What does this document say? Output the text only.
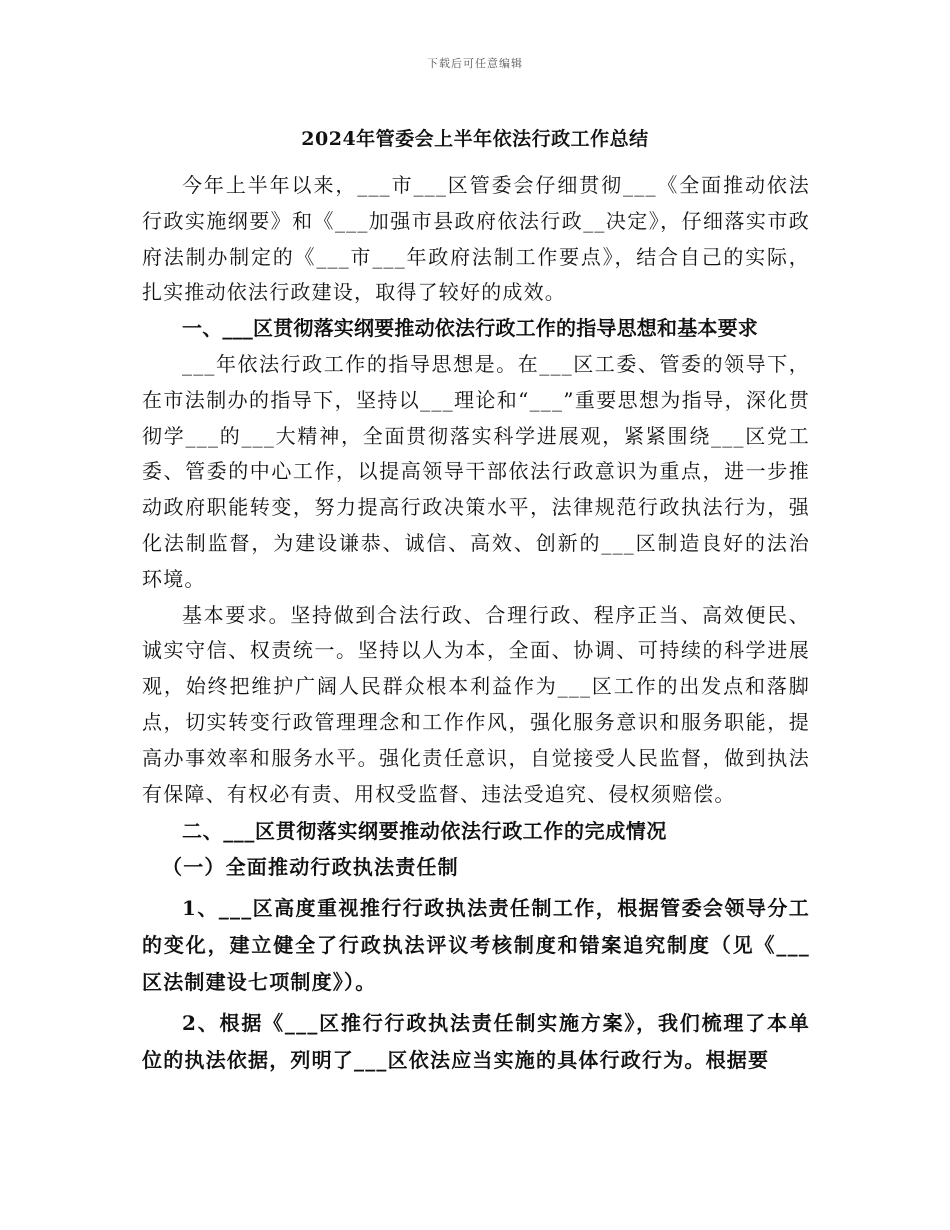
下载后可任意编辑
2024年管委会上半年依法行政工作总结

今年上半年以来，___市___区管委会仔细贯彻___《全面推动依法行政实施纲要》和《___加强市县政府依法行政__决定》，仔细落实市政府法制办制定的《___市___年政府法制工作要点》，结合自己的实际，扎实推动依法行政建设，取得了较好的成效。

一、___区贯彻落实纲要推动依法行政工作的指导思想和基本要求

___年依法行政工作的指导思想是。在___区工委、管委的领导下，在市法制办的指导下，坚持以___理论和“___”重要思想为指导，深化贯彻学___的___大精神，全面贯彻落实科学进展观，紧紧围绕___区党工委、管委的中心工作，以提高领导干部依法行政意识为重点，进一步推动政府职能转变，努力提高行政决策水平，法律规范行政执法行为，强化法制监督，为建设谦恭、诚信、高效、创新的___区制造良好的法治环境。

基本要求。坚持做到合法行政、合理行政、程序正当、高效便民、诚实守信、权责统一。坚持以人为本，全面、协调、可持续的科学进展观，始终把维护广阔人民群众根本利益作为___区工作的出发点和落脚点，切实转变行政管理理念和工作作风，强化服务意识和服务职能，提高办事效率和服务水平。强化责任意识，自觉接受人民监督，做到执法有保障、有权必有责、用权受监督、违法受追究、侵权须赔偿。

二、___区贯彻落实纲要推动依法行政工作的完成情况

（一）全面推动行政执法责任制

1、___区高度重视推行行政执法责任制工作，根据管委会领导分工的变化，建立健全了行政执法评议考核制度和错案追究制度（见《___区法制建设七项制度》）。

2、根据《___区推行行政执法责任制实施方案》，我们梳理了本单位的执法依据，列明了___区依法应当实施的具体行政行为。根据要
